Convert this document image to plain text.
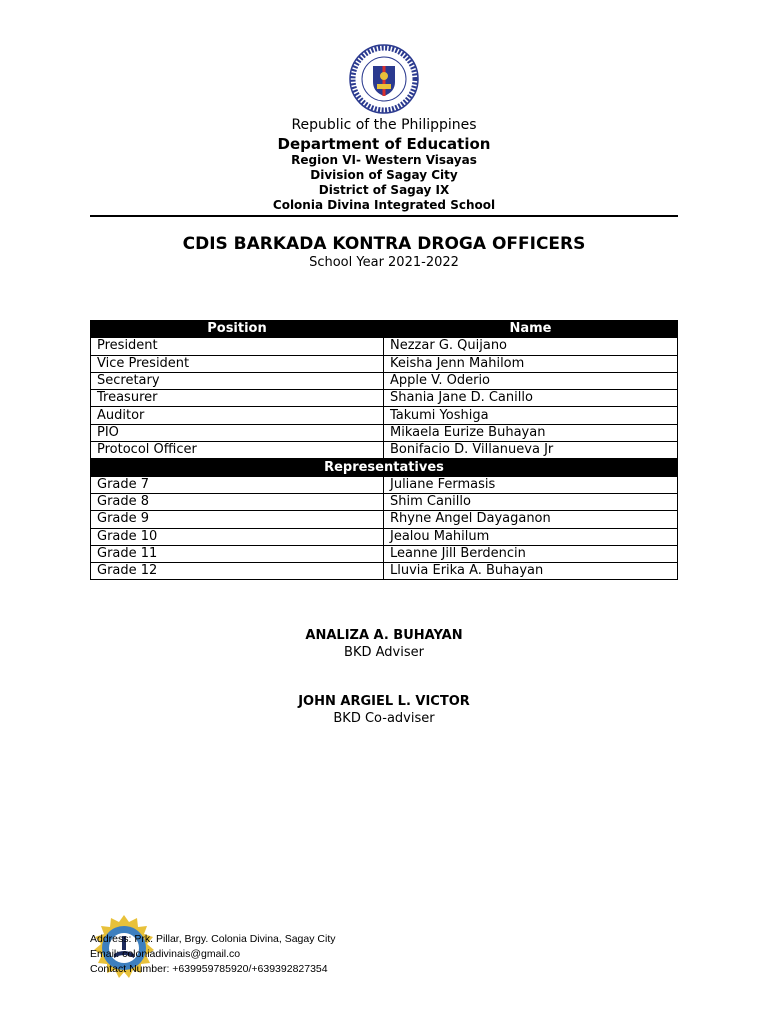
Republic of the Philippines
Department of Education
Region VI- Western Visayas
Division of Sagay City
District of Sagay IX
Colonia Divina Integrated School
CDIS BARKADA KONTRA DROGA OFFICERS
School Year 2021-2022
Position	Name
President	Nezzar G. Quijano
Vice President	Keisha Jenn Mahilom
Secretary	Apple V. Oderio
Treasurer	Shania Jane D. Canillo
Auditor	Takumi Yoshiga
PIO	Mikaela Eurize Buhayan
Protocol Officer	Bonifacio D. Villanueva Jr
Representatives	
Grade 7	Juliane Fermasis
Grade 8	Shim Canillo
Grade 9	Rhyne Angel Dayaganon
Grade 10	Jealou Mahilum
Grade 11	Leanne Jill Berdencin
Grade 12	Lluvia Erika A. Buhayan
ANALIZA A. BUHAYAN
BKD Adviser
JOHN ARGIEL L. VICTOR
BKD Co-adviser
Address: Prk. Pillar, Brgy. Colonia Divina, Sagay City
Email: coloniadivinais@gmail.co
Contact Number: +639959785920/+639392827354
